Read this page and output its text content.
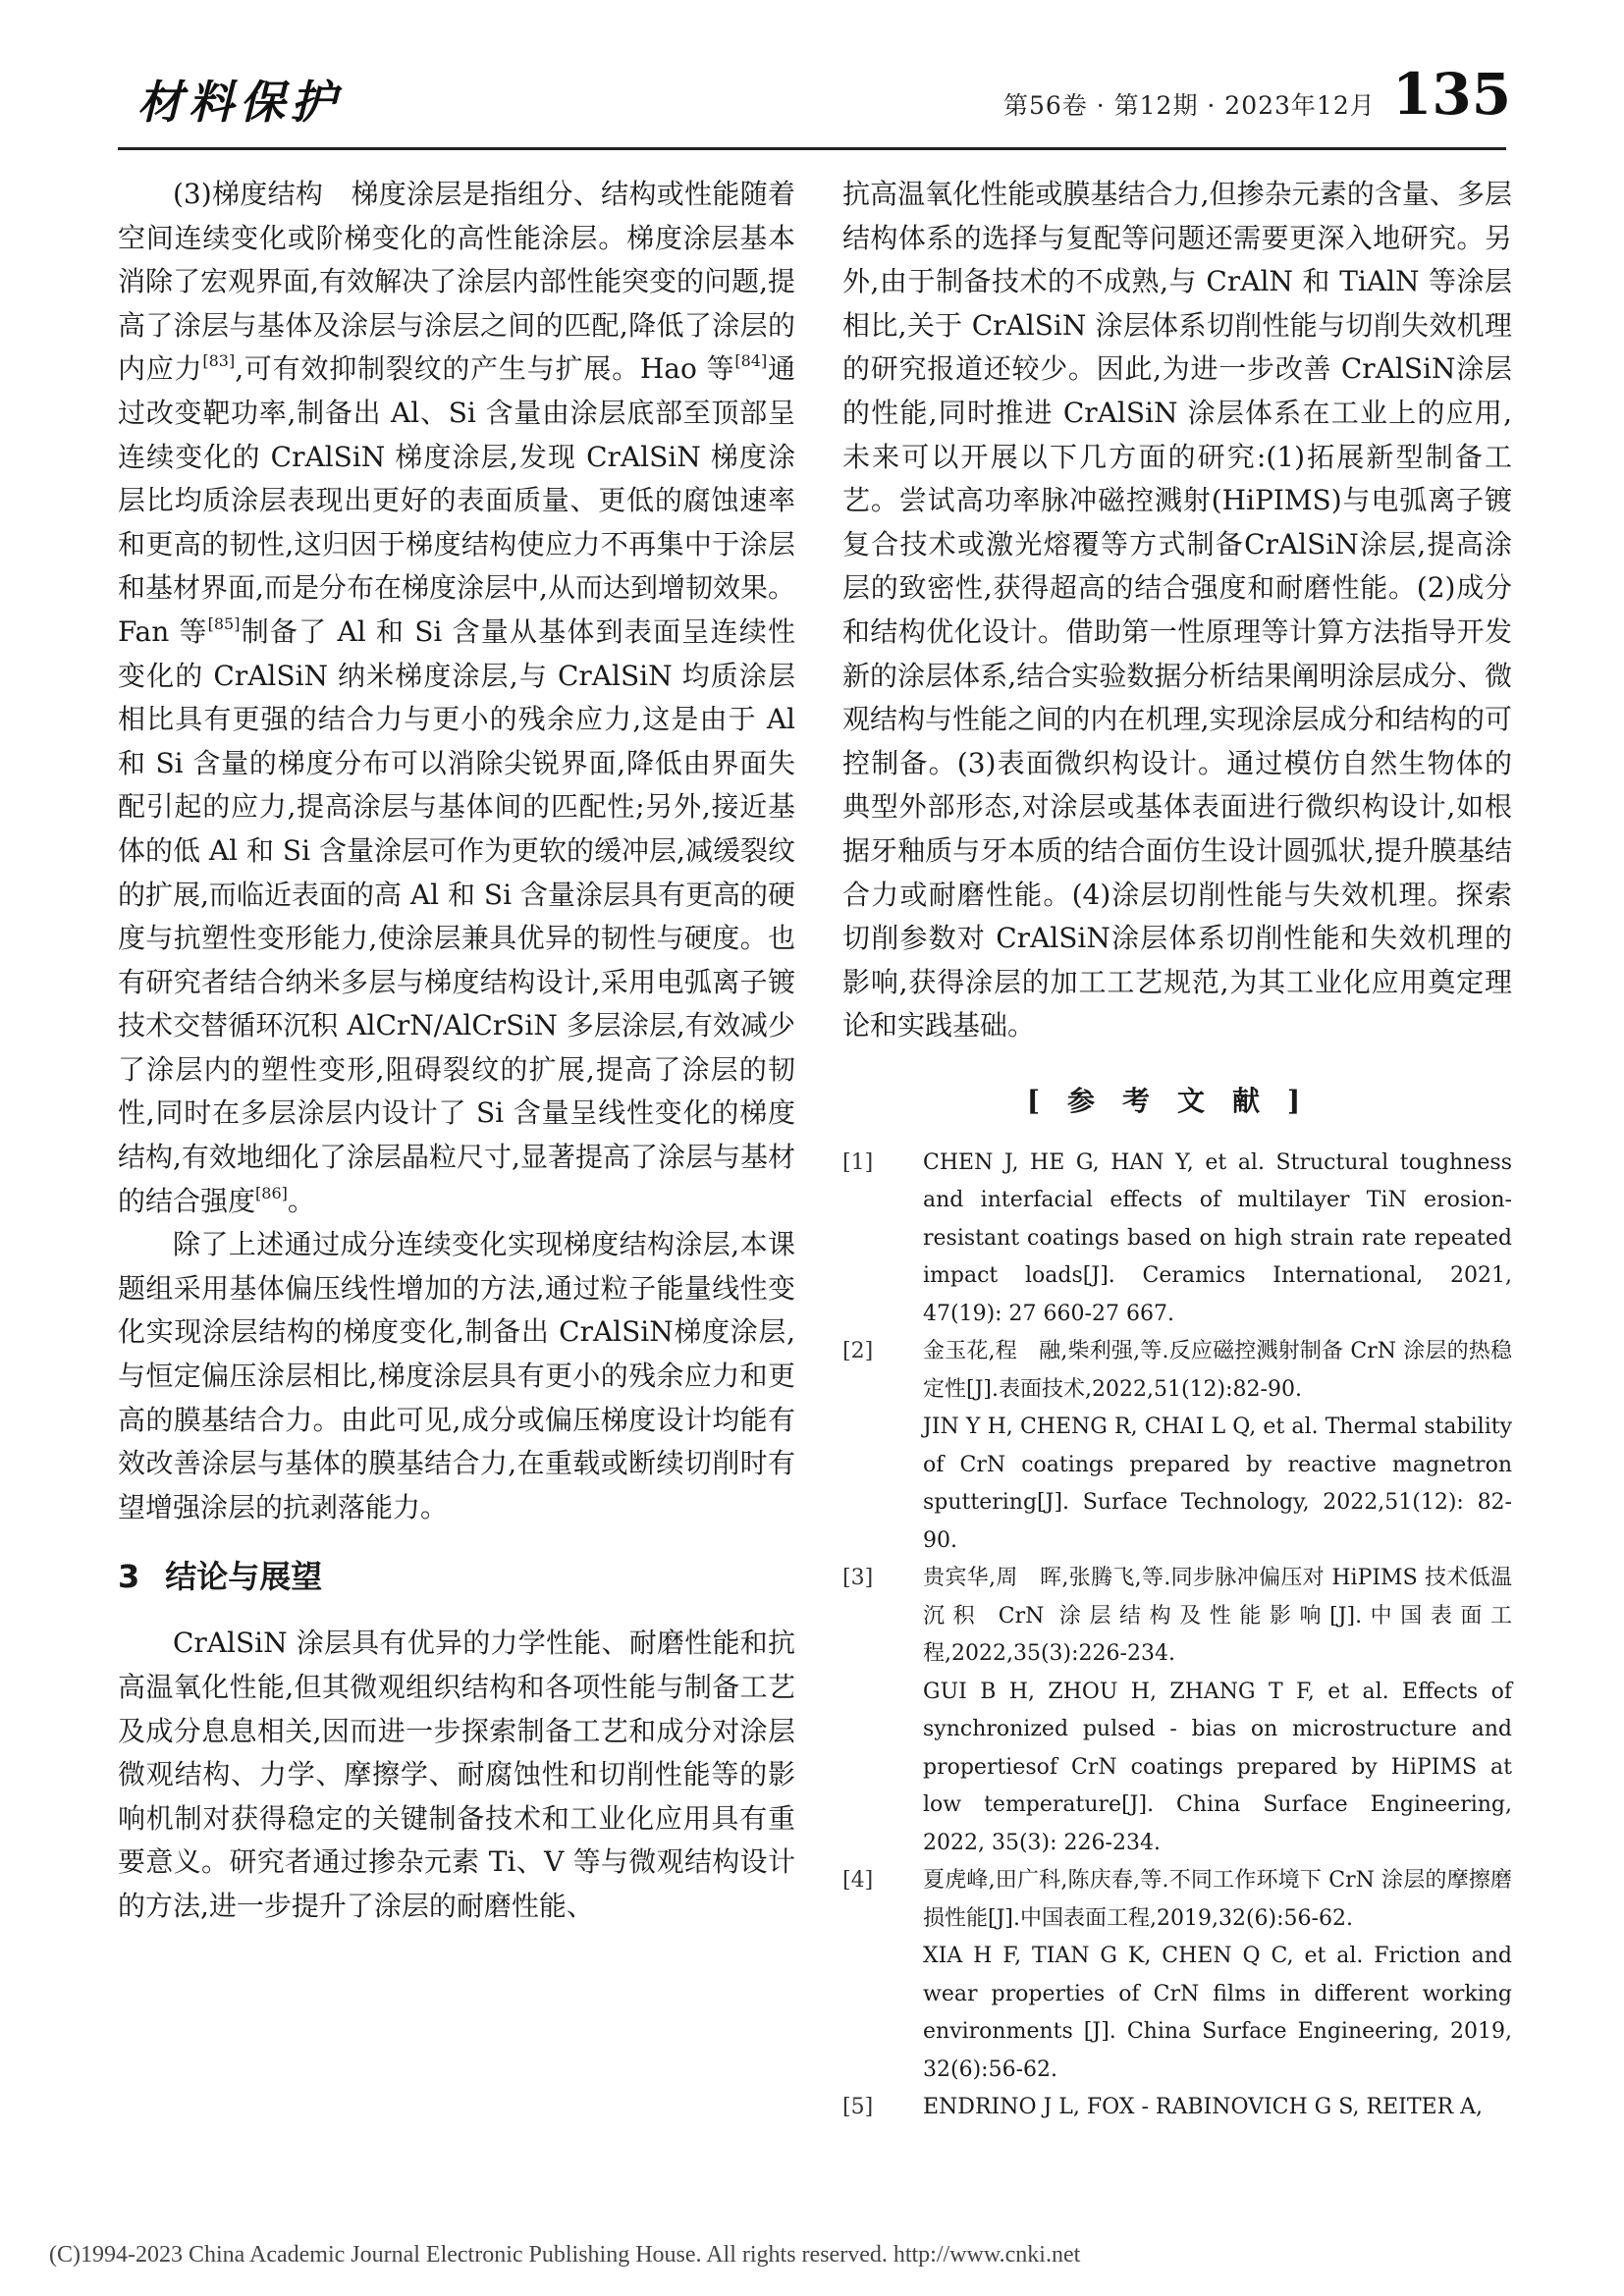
材料保护	第56卷 · 第12期 · 2023年12月 135

(3)梯度结构　梯度涂层是指组分、结构或性能随着空间连续变化或阶梯变化的高性能涂层。梯度涂层基本消除了宏观界面,有效解决了涂层内部性能突变的问题,提高了涂层与基体及涂层与涂层之间的匹配,降低了涂层的内应力[83],可有效抑制裂纹的产生与扩展。Hao 等[84]通过改变靶功率,制备出 Al、Si 含量由涂层底部至顶部呈连续变化的 CrAlSiN 梯度涂层,发现 CrAlSiN 梯度涂层比均质涂层表现出更好的表面质量、更低的腐蚀速率和更高的韧性,这归因于梯度结构使应力不再集中于涂层和基材界面,而是分布在梯度涂层中,从而达到增韧效果。Fan 等[85]制备了 Al 和 Si 含量从基体到表面呈连续性变化的 CrAlSiN 纳米梯度涂层,与 CrAlSiN 均质涂层相比具有更强的结合力与更小的残余应力,这是由于 Al 和 Si 含量的梯度分布可以消除尖锐界面,降低由界面失配引起的应力,提高涂层与基体间的匹配性;另外,接近基体的低 Al 和 Si 含量涂层可作为更软的缓冲层,减缓裂纹的扩展,而临近表面的高 Al 和 Si 含量涂层具有更高的硬度与抗塑性变形能力,使涂层兼具优异的韧性与硬度。也有研究者结合纳米多层与梯度结构设计,采用电弧离子镀技术交替循环沉积 AlCrN/AlCrSiN 多层涂层,有效减少了涂层内的塑性变形,阻碍裂纹的扩展,提高了涂层的韧性,同时在多层涂层内设计了 Si 含量呈线性变化的梯度结构,有效地细化了涂层晶粒尺寸,显著提高了涂层与基材的结合强度[86]。

除了上述通过成分连续变化实现梯度结构涂层,本课题组采用基体偏压线性增加的方法,通过粒子能量线性变化实现涂层结构的梯度变化,制备出 CrAlSiN梯度涂层,与恒定偏压涂层相比,梯度涂层具有更小的残余应力和更高的膜基结合力。由此可见,成分或偏压梯度设计均能有效改善涂层与基体的膜基结合力,在重载或断续切削时有望增强涂层的抗剥落能力。

3 结论与展望

CrAlSiN 涂层具有优异的力学性能、耐磨性能和抗高温氧化性能,但其微观组织结构和各项性能与制备工艺及成分息息相关,因而进一步探索制备工艺和成分对涂层微观结构、力学、摩擦学、耐腐蚀性和切削性能等的影响机制对获得稳定的关键制备技术和工业化应用具有重要意义。研究者通过掺杂元素 Ti、V 等与微观结构设计的方法,进一步提升了涂层的耐磨性能、

抗高温氧化性能或膜基结合力,但掺杂元素的含量、多层结构体系的选择与复配等问题还需要更深入地研究。另外,由于制备技术的不成熟,与 CrAlN 和 TiAlN 等涂层相比,关于 CrAlSiN 涂层体系切削性能与切削失效机理的研究报道还较少。因此,为进一步改善 CrAlSiN涂层的性能,同时推进 CrAlSiN 涂层体系在工业上的应用,未来可以开展以下几方面的研究:(1)拓展新型制备工艺。尝试高功率脉冲磁控溅射(HiPIMS)与电弧离子镀复合技术或激光熔覆等方式制备CrAlSiN涂层,提高涂层的致密性,获得超高的结合强度和耐磨性能。(2)成分和结构优化设计。借助第一性原理等计算方法指导开发新的涂层体系,结合实验数据分析结果阐明涂层成分、微观结构与性能之间的内在机理,实现涂层成分和结构的可控制备。(3)表面微织构设计。通过模仿自然生物体的典型外部形态,对涂层或基体表面进行微织构设计,如根据牙釉质与牙本质的结合面仿生设计圆弧状,提升膜基结合力或耐磨性能。(4)涂层切削性能与失效机理。探索切削参数对 CrAlSiN涂层体系切削性能和失效机理的影响,获得涂层的加工工艺规范,为其工业化应用奠定理论和实践基础。

[参考文献]
[1]	CHEN J, HE G, HAN Y, et al. Structural toughness and interfacial effects of multilayer TiN erosion-resistant coatings based on high strain rate repeated impact loads[J]. Ceramics International, 2021, 47(19): 27 660-27 667.
[2]	金玉花,程　融,柴利强,等.反应磁控溅射制备 CrN 涂层的热稳定性[J].表面技术,2022,51(12):82-90.
JIN Y H, CHENG R, CHAI L Q, et al. Thermal stability of CrN coatings prepared by reactive magnetron sputtering[J]. Surface Technology, 2022,51(12): 82-90.
[3]	贵宾华,周　晖,张腾飞,等.同步脉冲偏压对 HiPIMS 技术低温沉积 CrN 涂层结构及性能影响[J].中国表面工程,2022,35(3):226-234.
GUI B H, ZHOU H, ZHANG T F, et al. Effects of synchronized pulsed - bias on microstructure and propertiesof CrN coatings prepared by HiPIMS at low temperature[J]. China Surface Engineering, 2022, 35(3): 226-234.
[4]	夏虎峰,田广科,陈庆春,等.不同工作环境下 CrN 涂层的摩擦磨损性能[J].中国表面工程,2019,32(6):56-62.
XIA H F, TIAN G K, CHEN Q C, et al. Friction and wear properties of CrN films in different working environments [J]. China Surface Engineering, 2019, 32(6):56-62.
[5]	ENDRINO J L, FOX - RABINOVICH G S, REITER A,
(C)1994-2023 China Academic Journal Electronic Publishing House. All rights reserved. http://www.cnki.net
